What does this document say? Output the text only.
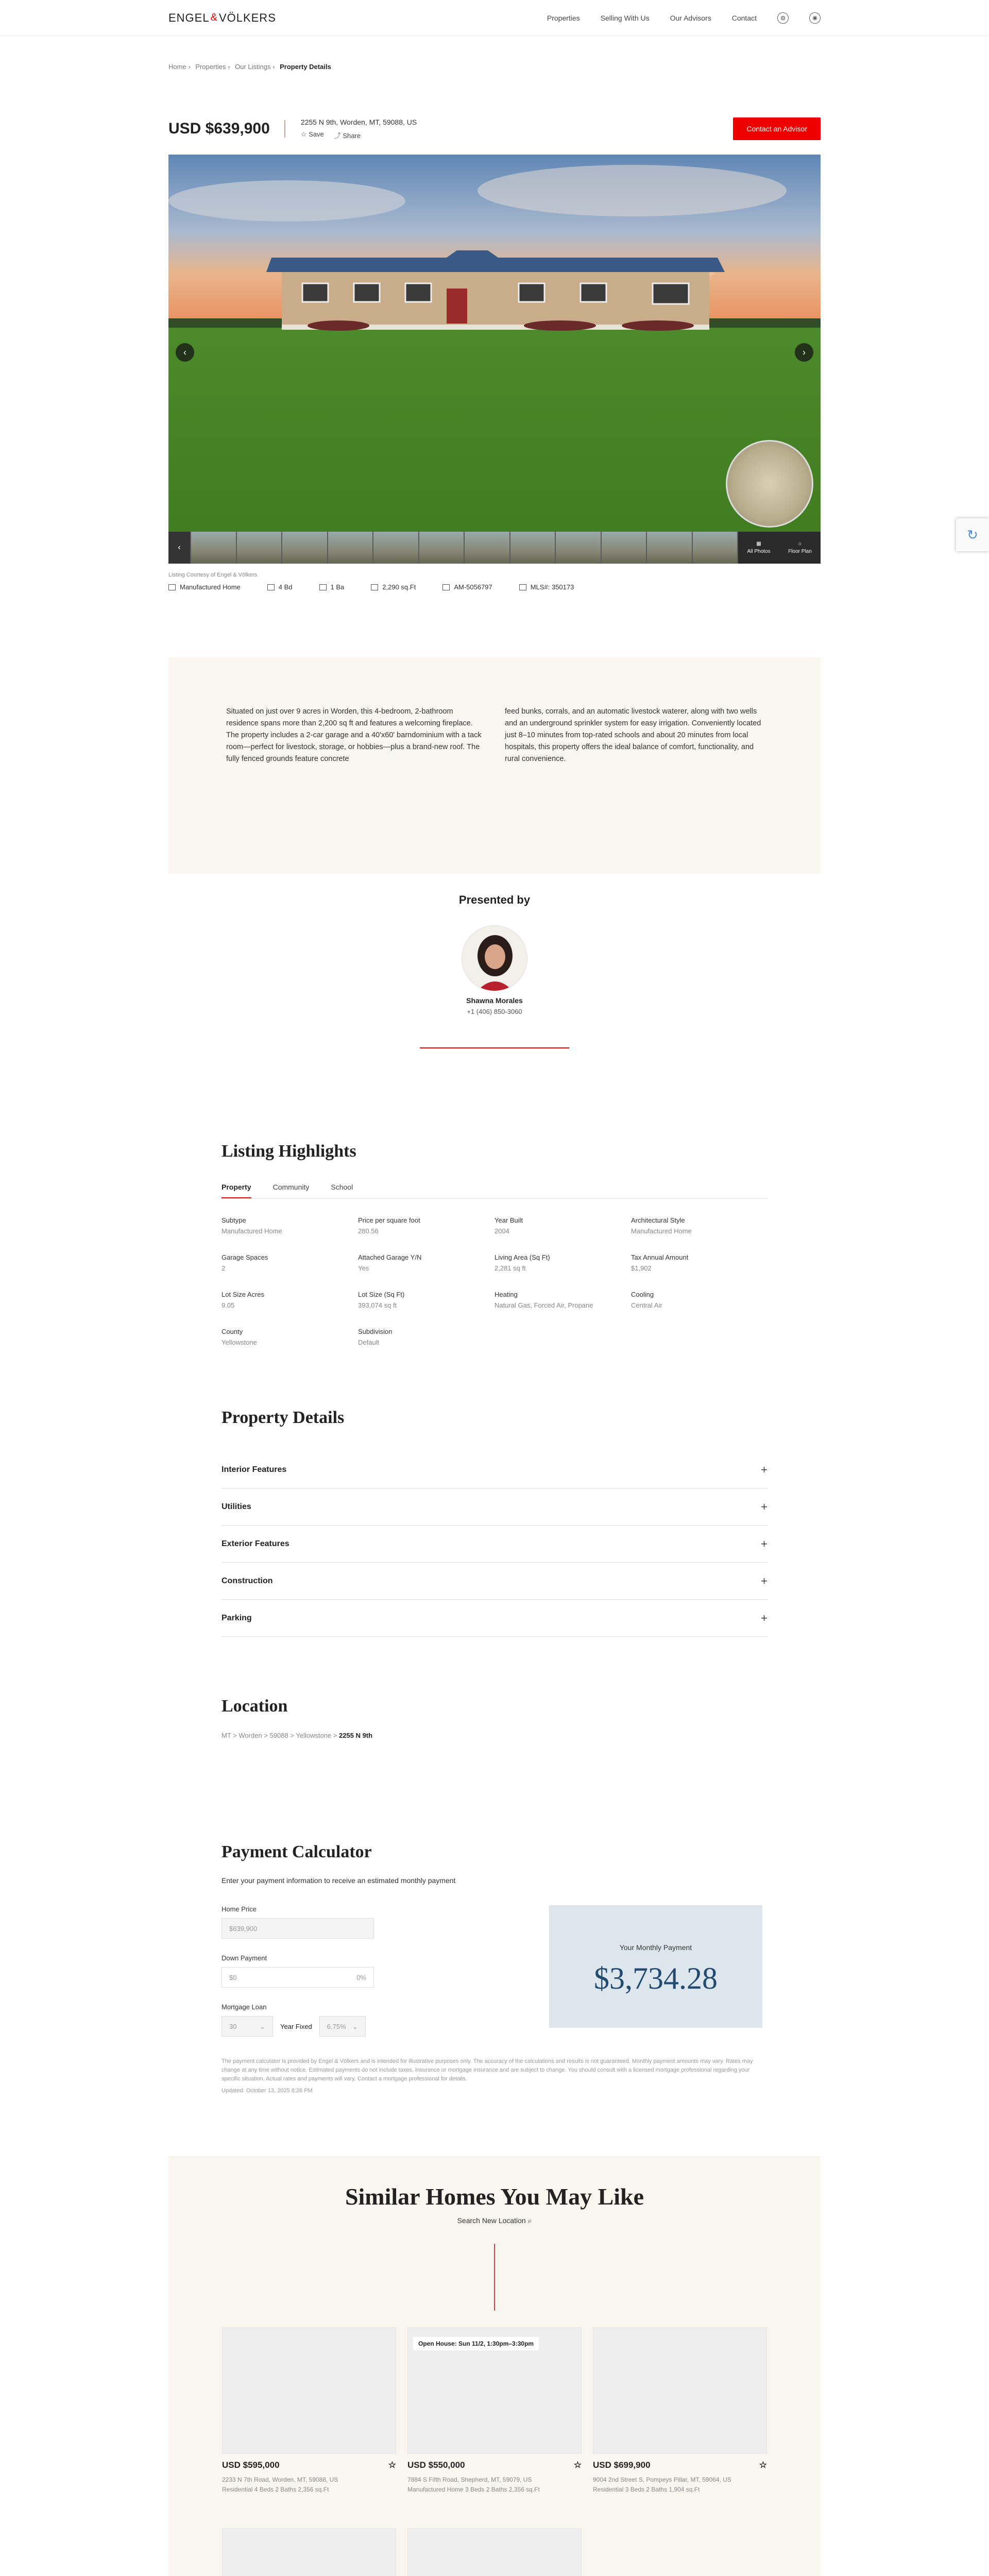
ENGEL & VÖLKERS	Properties	Selling With Us	Our Advisors	Contact	◍	◉
Home › Properties › Our Listings › Property Details
USD $639,900	2255 N 9th, Worden, MT, 59088, US
☆ Save ⤴ Share
Contact an Advisor
‹	›
‹	▦
All Photos
⌂
Floor Plan
Listing Courtesy of Engel & Völkers
Manufactured Home	4 Bd	1 Ba	2,290 sq.Ft	AM-5056797	MLS#: 350173

Situated on just over 9 acres in Worden, this 4-bedroom, 2-bathroom residence spans more than 2,200 sq ft and features a welcoming fireplace. The property includes a 2-car garage and a 40'x60' barndominium with a tack room—perfect for livestock, storage, or hobbies—plus a brand-new roof. The fully fenced grounds feature concrete

feed bunks, corrals, and an automatic livestock waterer, along with two wells and an underground sprinkler system for easy irrigation. Conveniently located just 8–10 minutes from top-rated schools and about 20 minutes from local hospitals, this property offers the ideal balance of comfort, functionality, and rural convenience.

Presented by
Shawna Morales
+1 (406) 850-3060
Listing Highlights
Property	Community	School
Subtype
Manufactured Home
Price per square foot
280.56
Year Built
2004
Architectural Style
Manufactured Home
Garage Spaces
2
Attached Garage Y/N
Yes
Living Area (Sq Ft)
2,281 sq ft
Tax Annual Amount
$1,902
Lot Size Acres
9.05
Lot Size (Sq Ft)
393,074 sq ft
Heating
Natural Gas, Forced Air, Propane
Cooling
Central Air
County
Yellowstone
Subdivision
Default
Property Details
Interior Features	+
Utilities	+
Exterior Features	+
Construction	+
Parking	+
Location
MT > Worden > 59088 > Yellowstone > 2255 N 9th
Payment Calculator
Enter your payment information to receive an estimated monthly payment
Home Price
$639,900
Down Payment
$0	0%
Mortgage Loan
30	⌄ Year Fixed 6.75% ⌄
Your Monthly Payment
$3,734.28
The payment calculator is provided by Engel & Völkers and is intended for illustrative purposes only. The accuracy of the calculations and results is not guaranteed. Monthly payment amounts may vary. Rates may change at any time without notice. Estimated payments do not include taxes, insurance or mortgage insurance and are subject to change. You should consult with a licensed mortgage professional regarding your specific situation. Actual rates and payments will vary. Contact a mortgage professional for details.
Updated: October 13, 2025 8:26 PM
Similar Homes You May Like
Search New Location ⌕
USD $595,000	☆
2233 N 7th Road, Worden, MT, 59088, US
Residential 4 Beds 2 Baths 2,356 sq.Ft
Open House: Sun 11/2, 1:30pm–3:30pm
USD $550,000	☆
7884 S Fifth Road, Shepherd, MT, 59079, US
Manufactured Home 3 Beds 2 Baths 2,356 sq.Ft
USD $699,900	☆
9004 2nd Street S, Pompeys Pillar, MT, 59064, US
Residential 3 Beds 2 Baths 1,904 sq.Ft
↻
